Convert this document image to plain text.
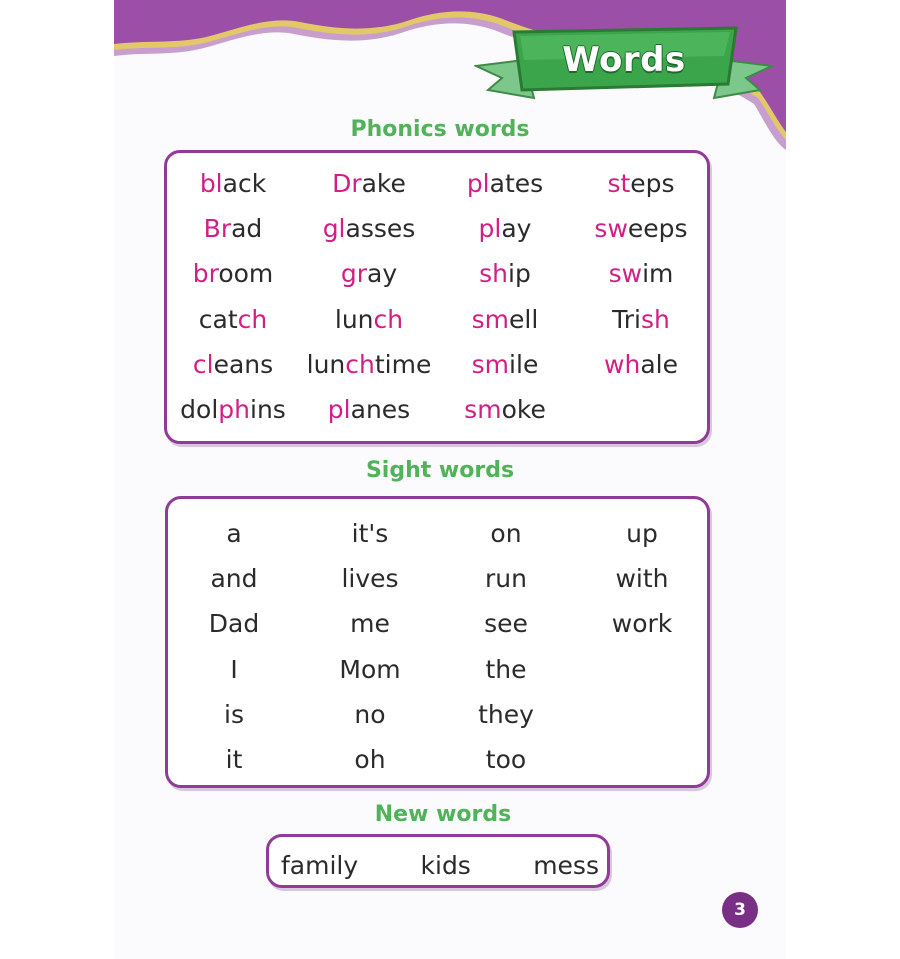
Words
Phonics words
black	Drake	plates	steps
Brad	glasses	play	sweeps
broom	gray	ship	swim
catch	lunch	smell	Trish
cleans	lunchtime	smile	whale
dolphins	planes	smoke
Sight words
a	it's	on	up
and	lives	run	with
Dad	me	see	work
I	Mom	the
is	no	they
it	oh	too
New words
family kids mess
3
